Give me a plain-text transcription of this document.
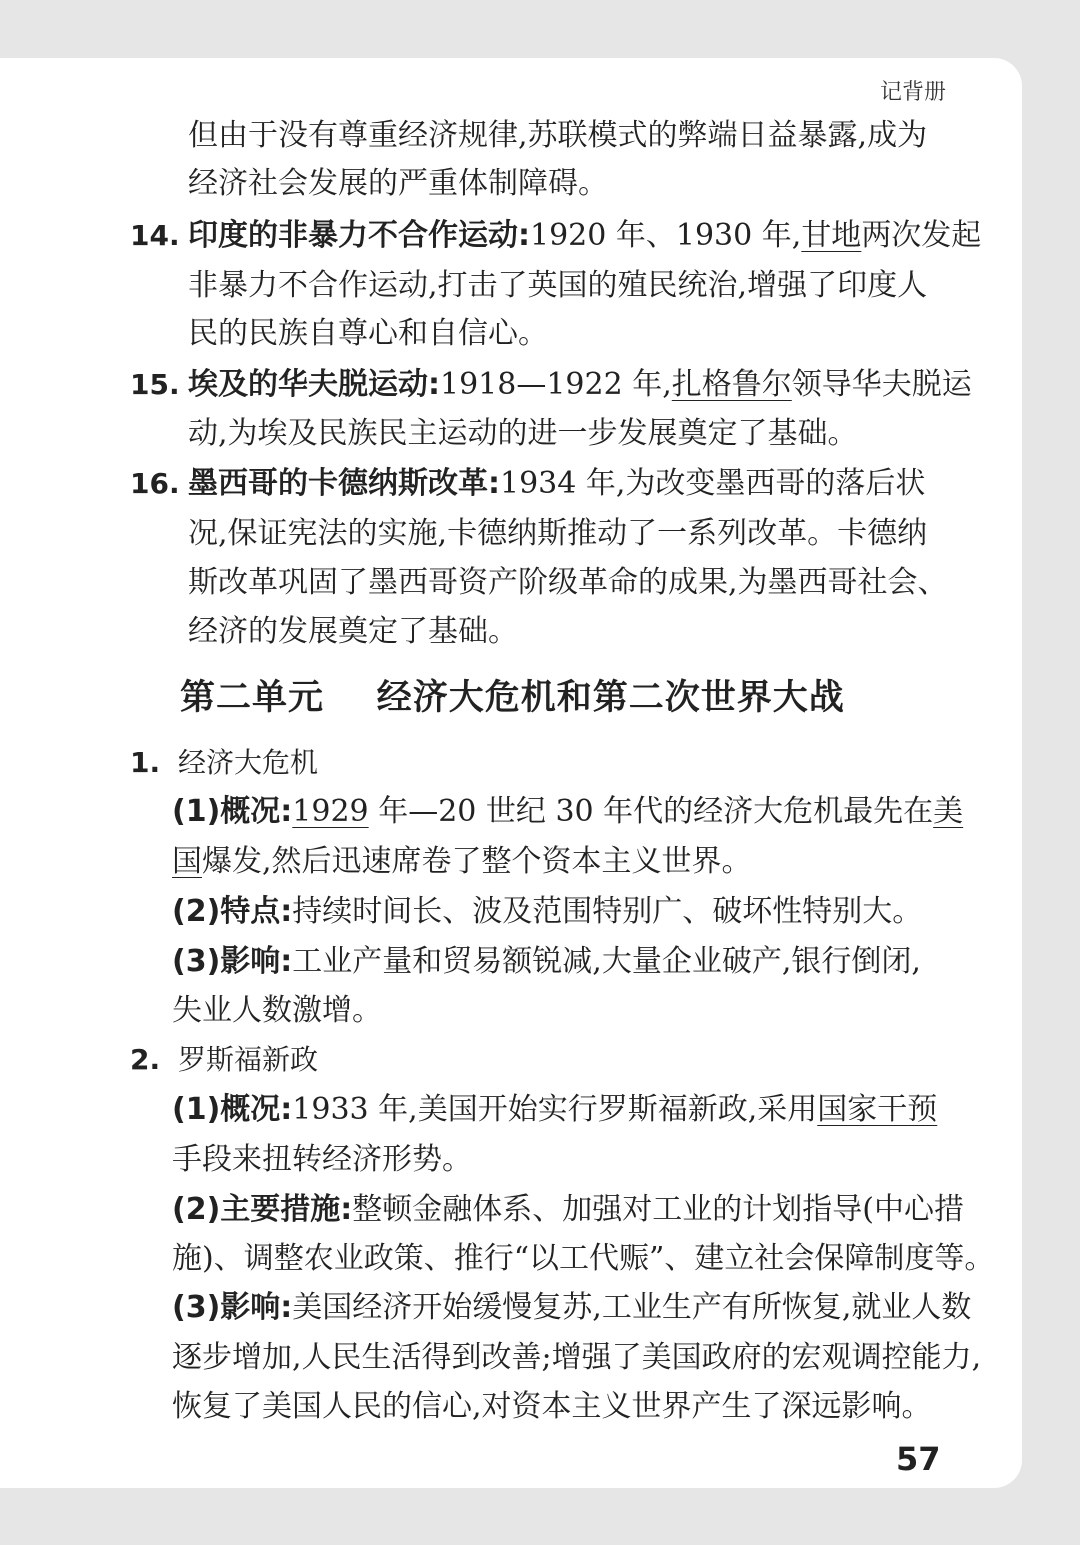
记背册
但由于没有尊重经济规律,苏联模式的弊端日益暴露,成为
经济社会发展的严重体制障碍。
14. 印度的非暴力不合作运动:1920 年、1930 年,甘地两次发起
非暴力不合作运动,打击了英国的殖民统治,增强了印度人
民的民族自尊心和自信心。
15. 埃及的华夫脱运动:1918—1922 年,扎格鲁尔领导华夫脱运
动,为埃及民族民主运动的进一步发展奠定了基础。
16. 墨西哥的卡德纳斯改革:1934 年,为改变墨西哥的落后状
况,保证宪法的实施,卡德纳斯推动了一系列改革。卡德纳
斯改革巩固了墨西哥资产阶级革命的成果,为墨西哥社会、
经济的发展奠定了基础。
第二单元    经济大危机和第二次世界大战
1. 经济大危机
(1)概况:1929 年—20 世纪 30 年代的经济大危机最先在美
国爆发,然后迅速席卷了整个资本主义世界。
(2)特点:持续时间长、波及范围特别广、破坏性特别大。
(3)影响:工业产量和贸易额锐减,大量企业破产,银行倒闭,
失业人数激增。
2. 罗斯福新政
(1)概况:1933 年,美国开始实行罗斯福新政,采用国家干预
手段来扭转经济形势。
(2)主要措施:整顿金融体系、加强对工业的计划指导(中心措
施)、调整农业政策、推行“以工代赈”、建立社会保障制度等。
(3)影响:美国经济开始缓慢复苏,工业生产有所恢复,就业人数
逐步增加,人民生活得到改善;增强了美国政府的宏观调控能力,
恢复了美国人民的信心,对资本主义世界产生了深远影响。
57
